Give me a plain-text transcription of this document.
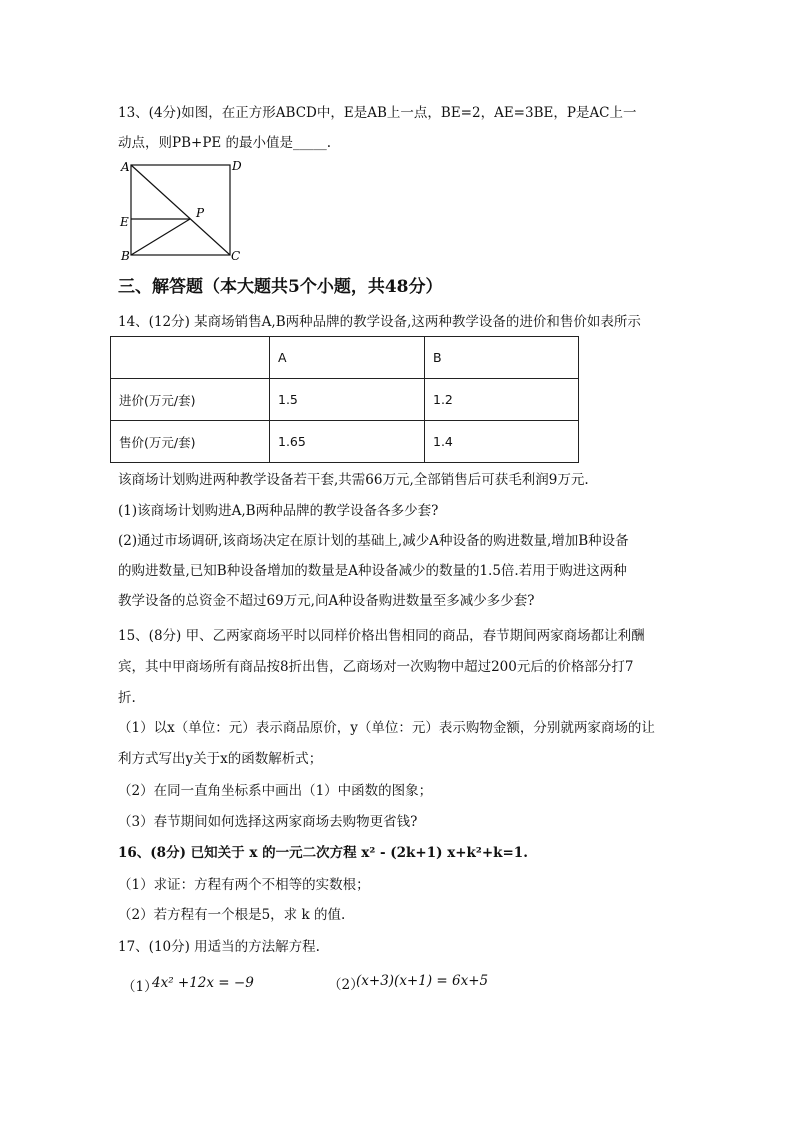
13、(4分)如图，在正方形ABCD中，E是AB上一点，BE=2，AE=3BE，P是AC上一
动点，则PB+PE 的最小值是_____.
A	D
E
P
B	C
三、解答题（本大题共5个小题，共48分）
14、(12分) 某商场销售A,B两种品牌的教学设备,这两种教学设备的进价和售价如表所示
	A	B
进价(万元/套)	1.5	1.2
售价(万元/套)	1.65	1.4
该商场计划购进两种教学设备若干套,共需66万元,全部销售后可获毛利润9万元.
(1)该商场计划购进A,B两种品牌的教学设备各多少套?
(2)通过市场调研,该商场决定在原计划的基础上,减少A种设备的购进数量,增加B种设备
的购进数量,已知B种设备增加的数量是A种设备减少的数量的1.5倍.若用于购进这两种
教学设备的总资金不超过69万元,问A种设备购进数量至多减少多少套?
15、(8分) 甲、乙两家商场平时以同样价格出售相同的商品，春节期间两家商场都让利酬
宾，其中甲商场所有商品按8折出售，乙商场对一次购物中超过200元后的价格部分打7
折.
（1）以x（单位：元）表示商品原价，y（单位：元）表示购物金额，分别就两家商场的让
利方式写出y关于x的函数解析式；
（2）在同一直角坐标系中画出（1）中函数的图象；
（3）春节期间如何选择这两家商场去购物更省钱?
16、(8分) 已知关于 x 的一元二次方程 x² - (2k+1) x+k²+k=1.
（1）求证：方程有两个不相等的实数根；
（2）若方程有一个根是5，求 k 的值.
17、(10分) 用适当的方法解方程.
（1）
4x² +12x = −9	（2）
(x+3)(x+1) = 6x+5
